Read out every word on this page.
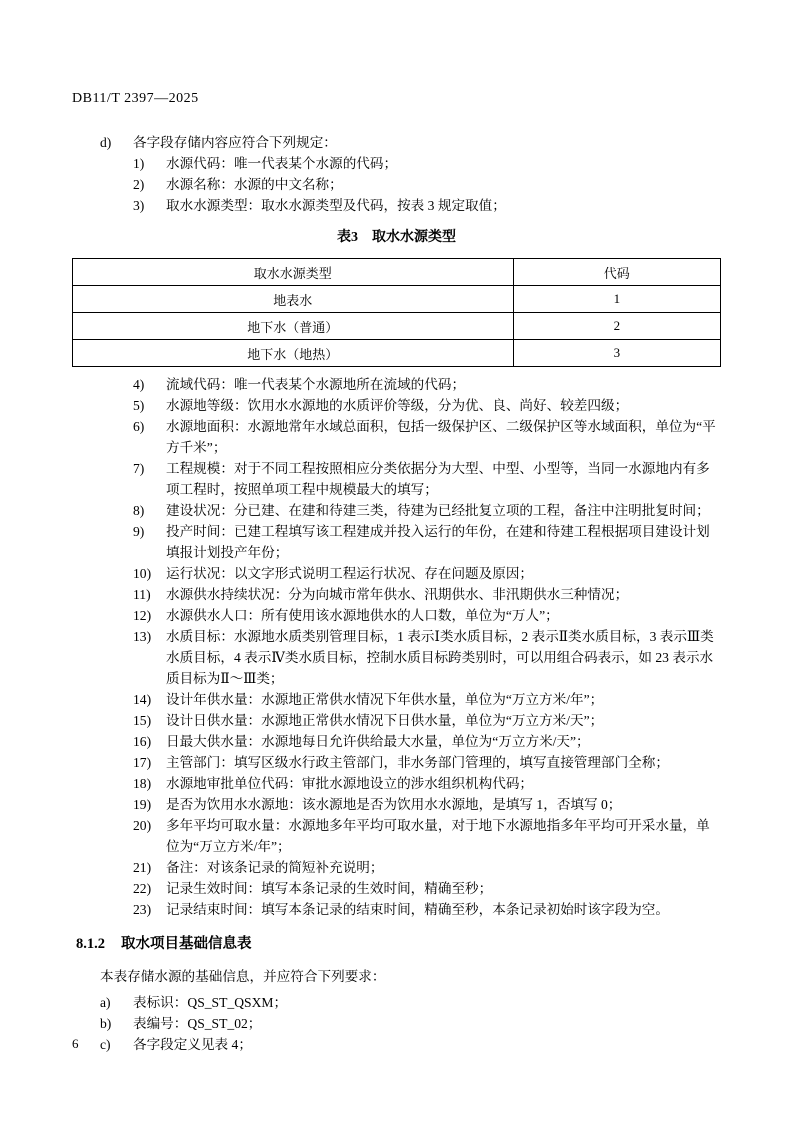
DB11/T 2397—2025
d)	各字段存储内容应符合下列规定：
1)	水源代码：唯一代表某个水源的代码；
2)	水源名称：水源的中文名称；
3)	取水水源类型：取水水源类型及代码，按表 3 规定取值；
表3　取水水源类型
取水水源类型	代码
地表水	1
地下水（普通）	2
地下水（地热）	3
4)	流域代码：唯一代表某个水源地所在流域的代码；
5)	水源地等级：饮用水水源地的水质评价等级，分为优、良、尚好、较差四级；
6)	水源地面积：水源地常年水域总面积，包括一级保护区、二级保护区等水域面积，单位为“平方千米”；
7)	工程规模：对于不同工程按照相应分类依据分为大型、中型、小型等，当同一水源地内有多项工程时，按照单项工程中规模最大的填写；
8)	建设状况：分已建、在建和待建三类，待建为已经批复立项的工程，备注中注明批复时间；
9)	投产时间：已建工程填写该工程建成并投入运行的年份，在建和待建工程根据项目建设计划填报计划投产年份；
10)	运行状况：以文字形式说明工程运行状况、存在问题及原因；
11)	水源供水持续状况：分为向城市常年供水、汛期供水、非汛期供水三种情况；
12)	水源供水人口：所有使用该水源地供水的人口数，单位为“万人”；
13)	水质目标：水源地水质类别管理目标，1 表示Ⅰ类水质目标，2 表示Ⅱ类水质目标，3 表示Ⅲ类水质目标，4 表示Ⅳ类水质目标，控制水质目标跨类别时，可以用组合码表示，如 23 表示水质目标为Ⅱ～Ⅲ类；
14)	设计年供水量：水源地正常供水情况下年供水量，单位为“万立方米/年”；
15)	设计日供水量：水源地正常供水情况下日供水量，单位为“万立方米/天”；
16)	日最大供水量：水源地每日允许供给最大水量，单位为“万立方米/天”；
17)	主管部门：填写区级水行政主管部门，非水务部门管理的，填写直接管理部门全称；
18)	水源地审批单位代码：审批水源地设立的涉水组织机构代码；
19)	是否为饮用水水源地：该水源地是否为饮用水水源地，是填写 1，否填写 0；
20)	多年平均可取水量：水源地多年平均可取水量，对于地下水源地指多年平均可开采水量，单位为“万立方米/年”；
21)	备注：对该条记录的简短补充说明；
22)	记录生效时间：填写本条记录的生效时间，精确至秒；
23)	记录结束时间：填写本条记录的结束时间，精确至秒，本条记录初始时该字段为空。
8.1.2 取水项目基础信息表
本表存储水源的基础信息，并应符合下列要求：
a)	表标识：QS_ST_QSXM；
b)	表编号：QS_ST_02；
c)	各字段定义见表 4；
6
